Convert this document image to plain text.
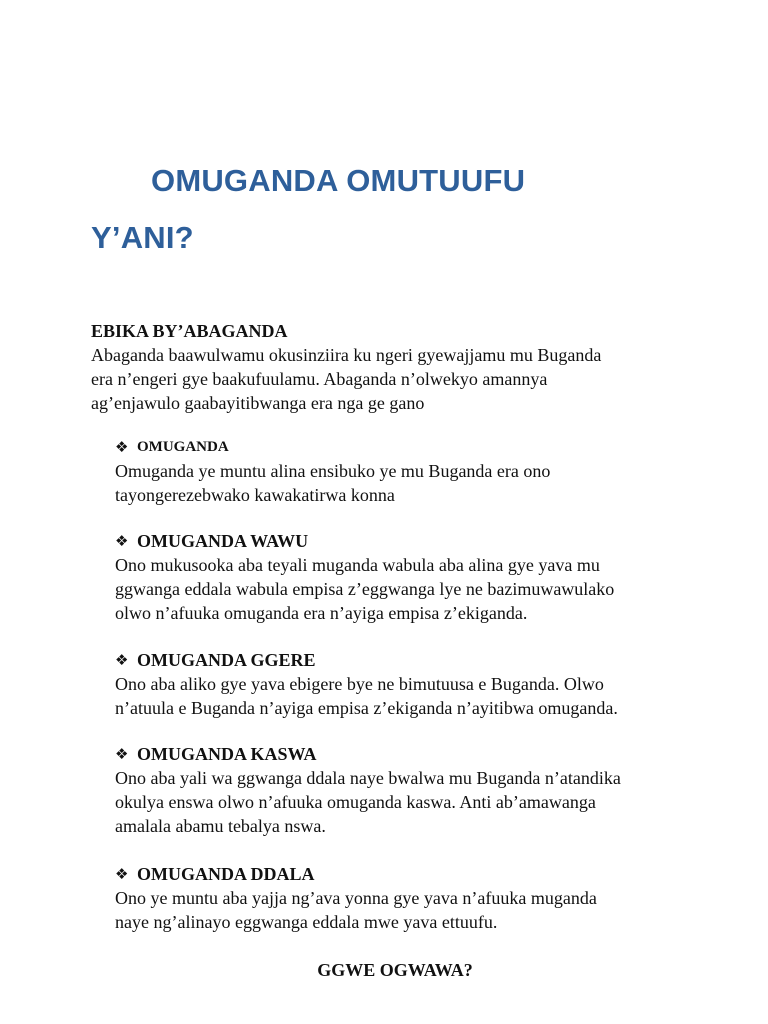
OMUGANDA OMUTUUFU
Y’ANI?

EBIKA BY’ABAGANDA

Abaganda baawulwamu okusinziira ku ngeri gyewajjamu mu Buganda
era n’engeri gye baakufuulamu. Abaganda n’olwekyo amannya
ag’enjawulo gaabayitibwanga era nga ge gano

❖ OMUGANDA

Omuganda ye muntu alina ensibuko ye mu Buganda era ono
tayongerezebwako kawakatirwa konna

❖ OMUGANDA WAWU

Ono mukusooka aba teyali muganda wabula aba alina gye yava mu
ggwanga eddala wabula empisa z’eggwanga lye ne bazimuwawulako
olwo n’afuuka omuganda era n’ayiga empisa z’ekiganda.

❖ OMUGANDA GGERE

Ono aba aliko gye yava ebigere bye ne bimutuusa e Buganda. Olwo
n’atuula e Buganda n’ayiga empisa z’ekiganda n’ayitibwa omuganda.

❖ OMUGANDA KASWA

Ono aba yali wa ggwanga ddala naye bwalwa mu Buganda n’atandika
okulya enswa olwo n’afuuka omuganda kaswa. Anti ab’amawanga
amalala abamu tebalya nswa.

❖ OMUGANDA DDALA

Ono ye muntu aba yajja ng’ava yonna gye yava n’afuuka muganda
naye ng’alinayo eggwanga eddala mwe yava ettuufu.

GGWE OGWAWA?
